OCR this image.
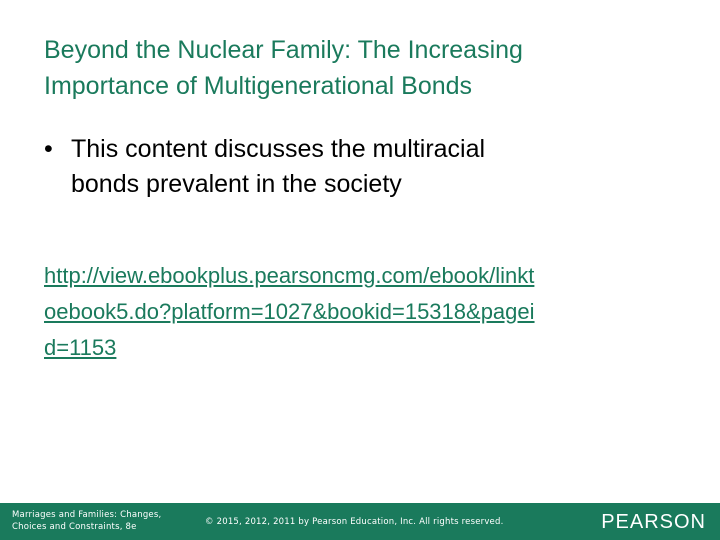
Beyond the Nuclear Family: The Increasing
Importance of Multigenerational Bonds
• This content discusses the multiracial
bonds prevalent in the society
http://view.ebookplus.pearsoncmg.com/ebook/linkt
oebook5.do?platform=1027&bookid=15318&pagei
d=1153
Marriages and Families: Changes,
Choices and Constraints, 8e	© 2015, 2012, 2011 by Pearson Education, Inc. All rights reserved.	PEARSON
